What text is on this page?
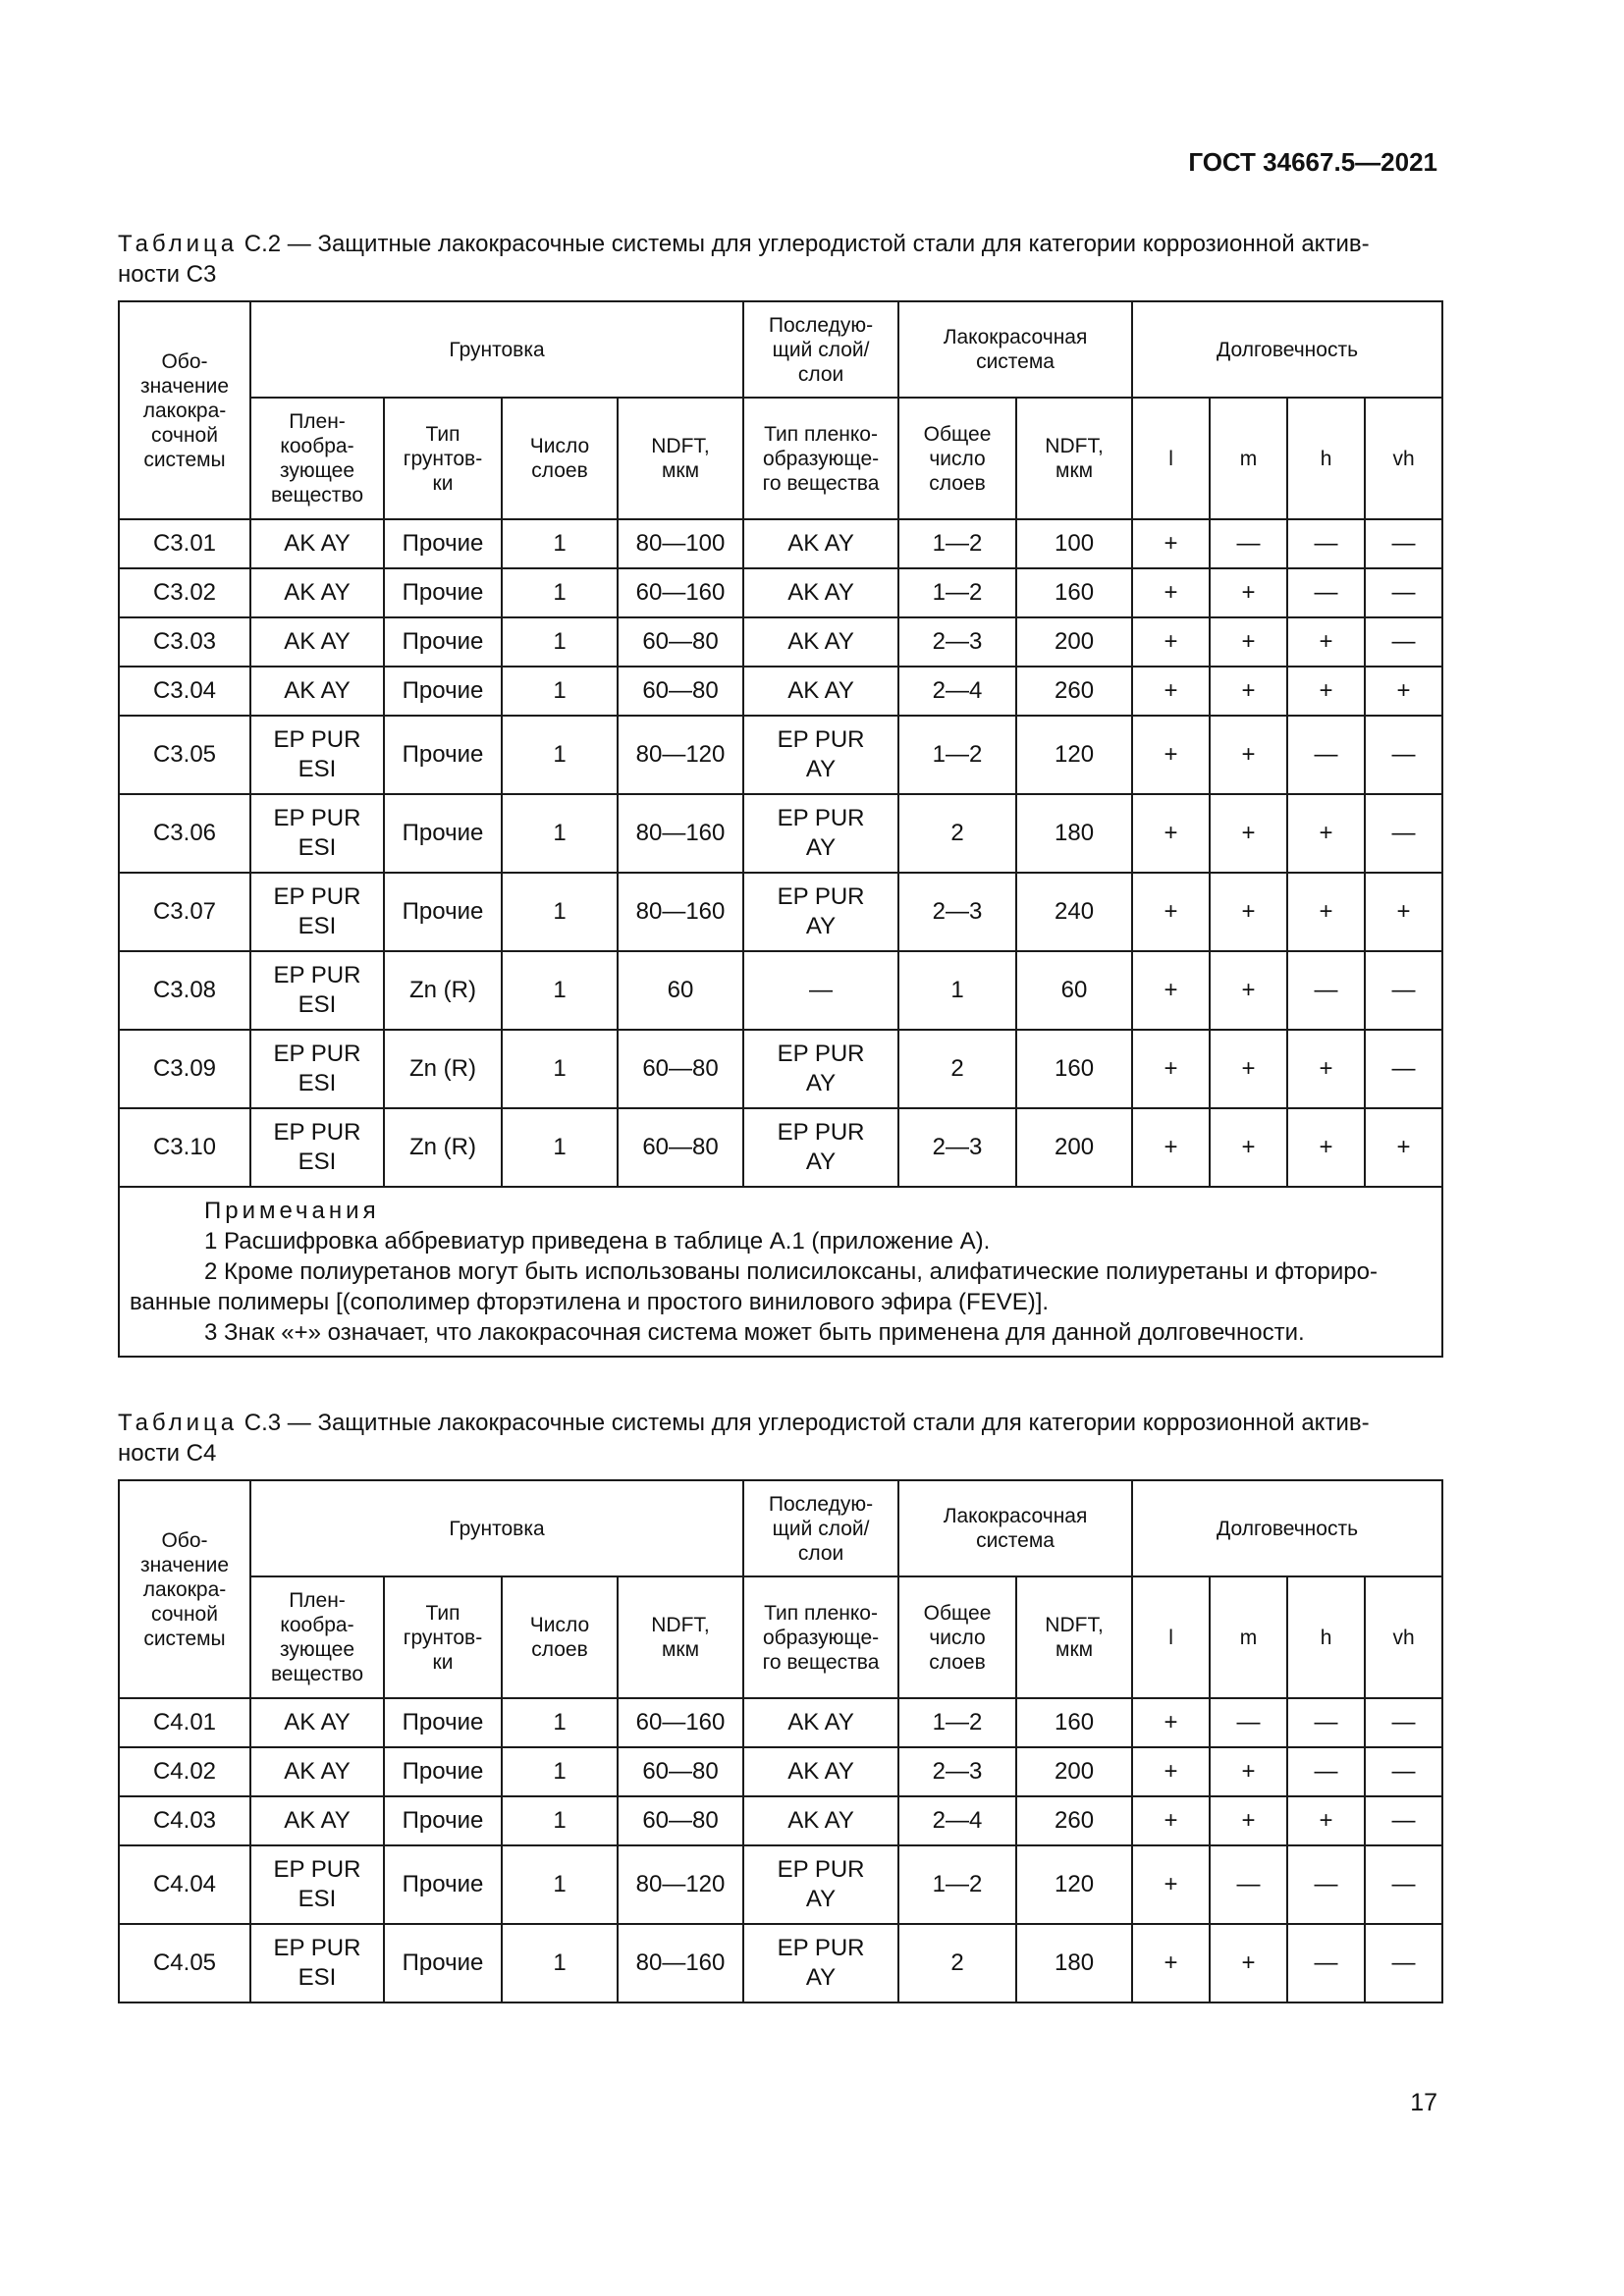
ГОСТ 34667.5—2021
Таблица С.2 — Защитные лакокрасочные системы для углеродистой стали для категории коррозионной актив-
ности С3
Обо-
значение
лакокра-
сочной
системы	Грунтовка				Последую-
щий слой/
слои	Лакокрасочная
система		Долговечность			
	Плен-
кообра-
зующее
вещество	Тип
грунтов-
ки	Число
слоев	NDFT,
мкм	Тип пленко-
образующе-
го вещества	Общее
число
слоев	NDFT,
мкм	l	m	h	vh
С3.01	AK AY	Прочие	1	80—100	AK AY	1—2	100	+	—	—	—
С3.02	AK AY	Прочие	1	60—160	AK AY	1—2	160	+	+	—	—
С3.03	AK AY	Прочие	1	60—80	AK AY	2—3	200	+	+	+	—
С3.04	AK AY	Прочие	1	60—80	AK AY	2—4	260	+	+	+	+
С3.05	EP PUR
ESI	Прочие	1	80—120	EP PUR
AY	1—2	120	+	+	—	—
С3.06	EP PUR
ESI	Прочие	1	80—160	EP PUR
AY	2	180	+	+	+	—
С3.07	EP PUR
ESI	Прочие	1	80—160	EP PUR
AY	2—3	240	+	+	+	+
С3.08	EP PUR
ESI	Zn (R)	1	60	—	1	60	+	+	—	—
С3.09	EP PUR
ESI	Zn (R)	1	60—80	EP PUR
AY	2	160	+	+	+	—
С3.10	EP PUR
ESI	Zn (R)	1	60—80	EP PUR
AY	2—3	200	+	+	+	+

Примечания
1 Расшифровка аббревиатур приведена в таблице А.1 (приложение А).
2 Кроме полиуретанов могут быть использованы полисилоксаны, алифатические полиуретаны и фториро-
ванные полимеры [(сополимер фторэтилена и простого винилового эфира (FEVE)].
3 Знак «+» означает, что лакокрасочная система может быть применена для данной долговечности.											
Таблица С.3 — Защитные лакокрасочные системы для углеродистой стали для категории коррозионной актив-
ности С4
Обо-
значение
лакокра-
сочной
системы	Грунтовка				Последую-
щий слой/
слои	Лакокрасочная
система		Долговечность			
	Плен-
кообра-
зующее
вещество	Тип
грунтов-
ки	Число
слоев	NDFT,
мкм	Тип пленко-
образующе-
го вещества	Общее
число
слоев	NDFT,
мкм	l	m	h	vh
С4.01	AK AY	Прочие	1	60—160	AK AY	1—2	160	+	—	—	—
С4.02	AK AY	Прочие	1	60—80	AK AY	2—3	200	+	+	—	—
С4.03	AK AY	Прочие	1	60—80	AK AY	2—4	260	+	+	+	—
С4.04	EP PUR
ESI	Прочие	1	80—120	EP PUR
AY	1—2	120	+	—	—	—
С4.05	EP PUR
ESI	Прочие	1	80—160	EP PUR
AY	2	180	+	+	—	—
17
